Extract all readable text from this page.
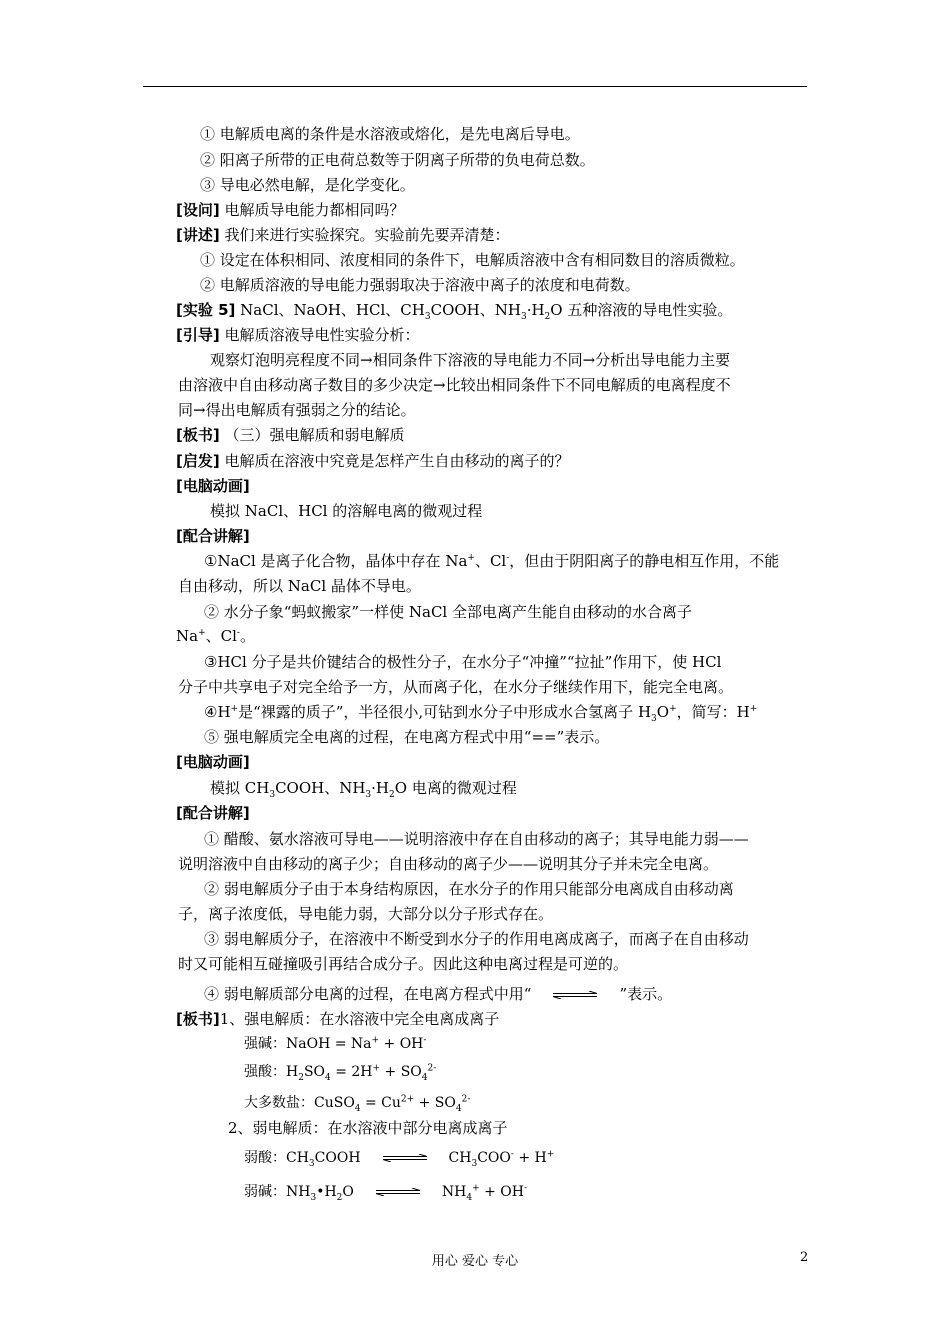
① 电解质电离的条件是水溶液或熔化，是先电离后导电。
② 阳离子所带的正电荷总数等于阴离子所带的负电荷总数。
③ 导电必然电解，是化学变化。
[设问] 电解质导电能力都相同吗？
[讲述] 我们来进行实验探究。实验前先要弄清楚：
① 设定在体积相同、浓度相同的条件下，电解质溶液中含有相同数目的溶质微粒。
② 电解质溶液的导电能力强弱取决于溶液中离子的浓度和电荷数。
[实验 5] NaCl、NaOH、HCl、$CH_3COOH$、$NH_3\cdot H_2O$ 五种溶液的导电性实验。
[引导] 电解质溶液导电性实验分析：
观察灯泡明亮程度不同→相同条件下溶液的导电能力不同→分析出导电能力主要
由溶液中自由移动离子数目的多少决定→比较出相同条件下不同电解质的电离程度不
同→得出电解质有强弱之分的结论。
[板书] （三）强电解质和弱电解质
[启发] 电解质在溶液中究竟是怎样产生自由移动的离子的？
[电脑动画]
模拟 NaCl、HCl 的溶解电离的微观过程
[配合讲解]
①NaCl 是离子化合物，晶体中存在 Na+、Cl-，但由于阴阳离子的静电相互作用，不能
自由移动，所以 NaCl 晶体不导电。
② 水分子象“蚂蚁搬家”一样使 NaCl 全部电离产生能自由移动的水合离子
Na+、Cl-。
③HCl 分子是共价键结合的极性分子，在水分子“冲撞”“拉扯”作用下，使 HCl
分子中共享电子对完全给予一方，从而离子化，在水分子继续作用下，能完全电离。
④H+是“裸露的质子”，半径很小,可钻到水分子中形成水合氢离子 $H_3O^+$，简写：H+
⑤ 强电解质完全电离的过程，在电离方程式中用“==”表示。
[电脑动画]
模拟 $CH_3COOH$、$NH_3\cdot H_2O$ 电离的微观过程
[配合讲解]
① 醋酸、氨水溶液可导电——说明溶液中存在自由移动的离子；其导电能力弱——
说明溶液中自由移动的离子少；自由移动的离子少——说明其分子并未完全电离。
② 弱电解质分子由于本身结构原因，在水分子的作用只能部分电离成自由移动离
子，离子浓度低，导电能力弱，大部分以分子形式存在。
③ 弱电解质分子，在溶液中不断受到水分子的作用电离成离子，而离子在自由移动
时又可能相互碰撞吸引再结合成分子。因此这种电离过程是可逆的。
④ 弱电解质部分电离的过程，在电离方程式中用“ ⇌ ”表示。
[板书]1、强电解质：在水溶液中完全电离成离子
强碱：NaOH = Na+ + OH-
强酸：$H_2SO_4 = 2H^+ + SO_4^{2-}$
大多数盐：CuSO$_4$ = $Cu^{2+} + SO_4^{2-}$
2、弱电解质：在水溶液中部分电离成离子
弱酸：$CH_3COOH$ ⇌ $CH_3COO^- + H^+$
弱碱：$NH_3•H_2O$ ⇌ $NH_4^+ + OH^-$
用心 爱心 专心	2
